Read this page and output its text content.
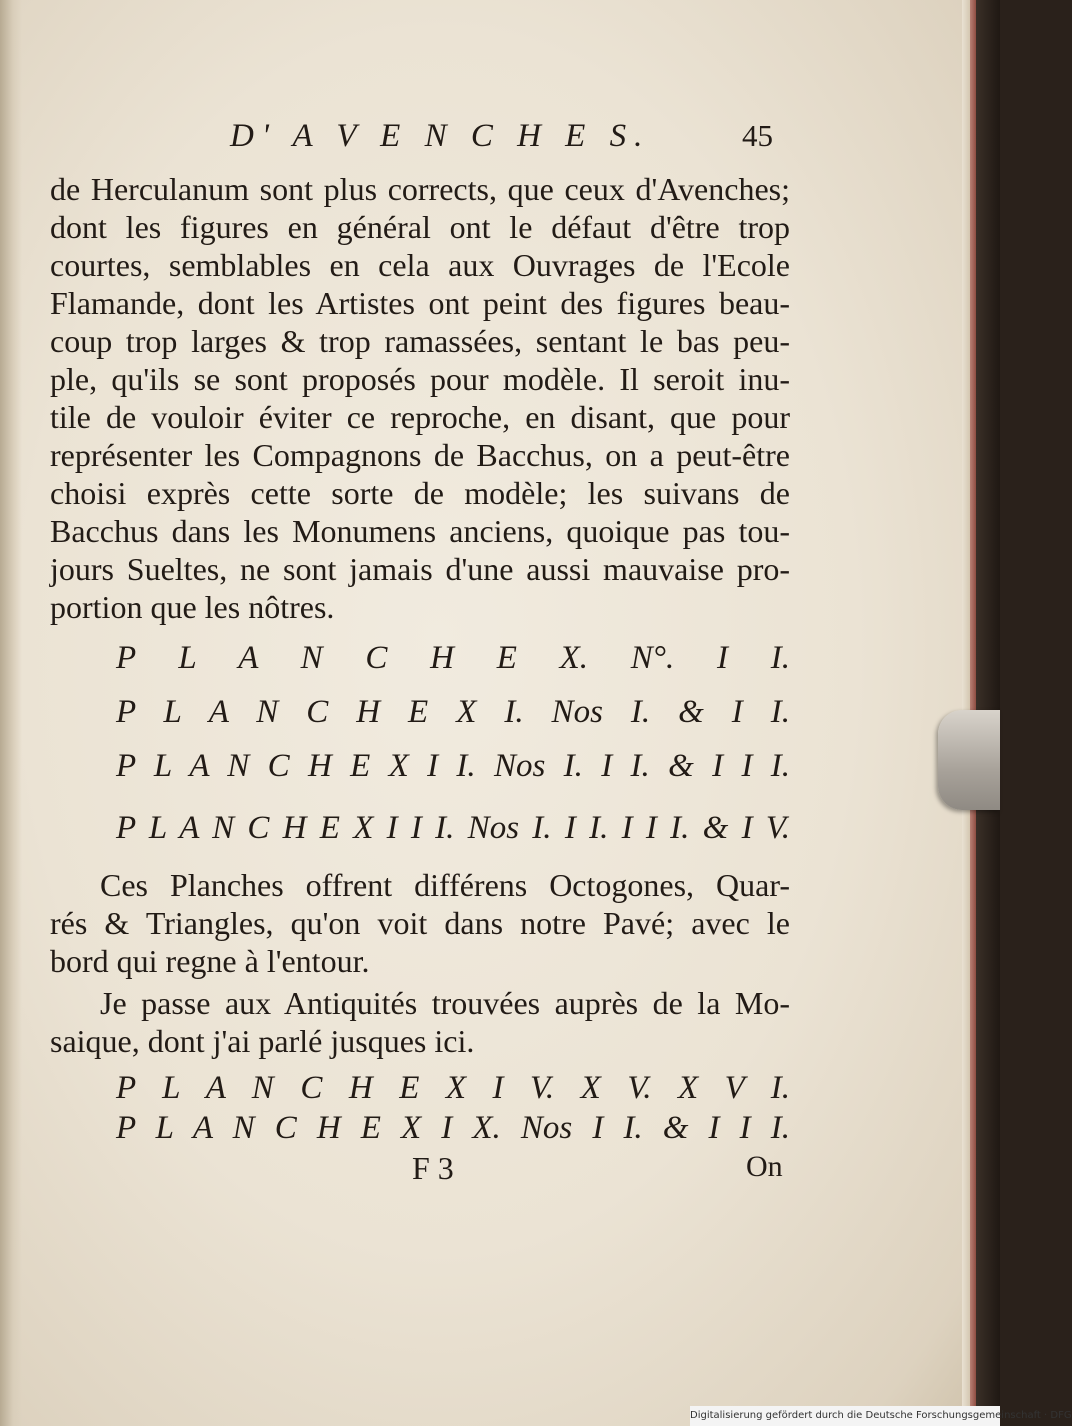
D' A V E N C H E S.	45

de Herculanum sont plus corrects, que ceux d'Avenches;

dont les figures en général ont le défaut d'être trop

courtes, semblables en cela aux Ouvrages de l'Ecole

Flamande, dont les Artistes ont peint des figures beau-

coup trop larges & trop ramassées, sentant le bas peu-

ple, qu'ils se sont proposés pour modèle. Il seroit inu-

tile de vouloir éviter ce reproche, en disant, que pour

représenter les Compagnons de Bacchus, on a peut-être

choisi exprès cette sorte de modèle; les suivans de

Bacchus dans les Monumens anciens, quoique pas tou-

jours Sueltes, ne sont jamais d'une aussi mauvaise pro-

portion que les nôtres.

P L A N C H E X. N°. I I.

P L A N C H E X I. Nos I. & I I.

P L A N C H E X I I. Nos I. I I. & I I I.

P L A N C H E X I I I. Nos I. I I. I I I. & I V.

Ces Planches offrent différens Octogones, Quar-

rés & Triangles, qu'on voit dans notre Pavé; avec le

bord qui regne à l'entour.

Je passe aux Antiquités trouvées auprès de la Mo-

saique, dont j'ai parlé jusques ici.

P L A N C H E X I V. X V. X V I.

P L A N C H E X I X. Nos I I. & I I I.

F 3	On

Digitalisierung gefördert durch die Deutsche Forschungsgemeinschaft · DFG
